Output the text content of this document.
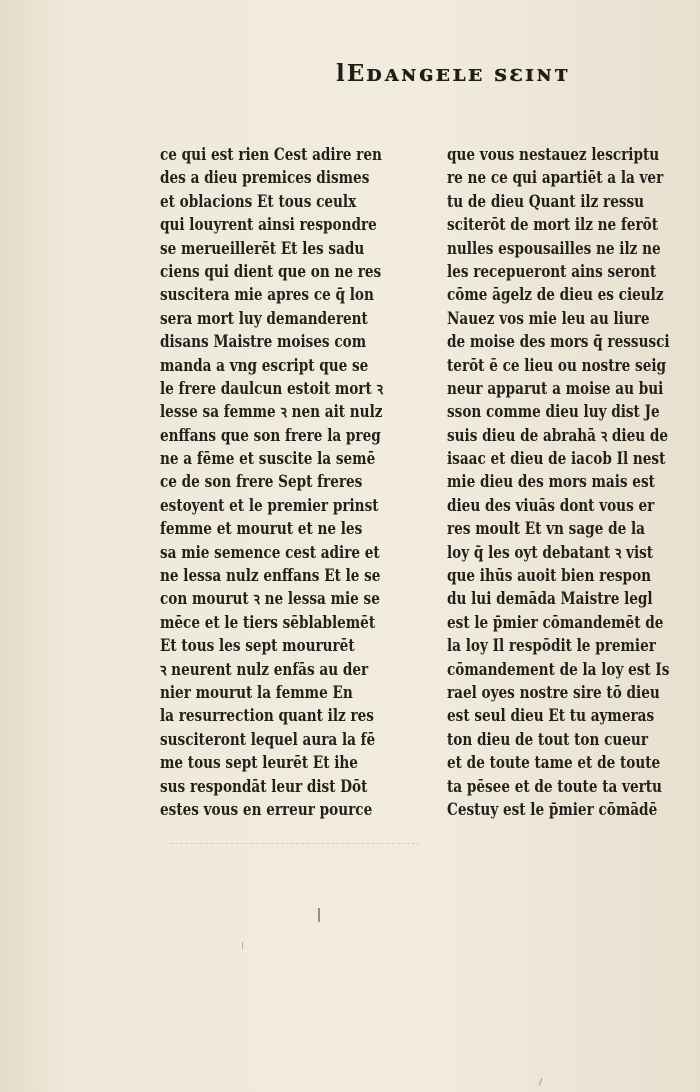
lEᴅᴀɴɢᴇʟᴇ ꜱɛɪɴᴛ
ce qui est rien Cest adire ren
des a dieu premices dismes
et oblacions Et tous ceulx
qui louyrent ainsi respondre
se merueillerēt Et les sadu
ciens qui dient que on ne res
suscitera mie apres ce q̄ lon
sera mort luy demanderent
disans Maistre moises com
manda a vng escript que se
le frere daulcun estoit mort ꝛ
lesse sa femme ꝛ nen ait nulz
enffans que son frere la preg
ne a fēme et suscite la semē
ce de son frere Sept freres
estoyent et le premier prinst
femme et mourut et ne les
sa mie semence cest adire et
ne lessa nulz enffans Et le se
con mourut ꝛ ne lessa mie se
mēce et le tiers sēblablemēt
Et tous les sept moururēt
ꝛ neurent nulz enfās au der
nier mourut la femme En
la resurrection quant ilz res
susciteront lequel aura la fē
me tous sept leurēt Et ihe
sus respondāt leur dist Dōt
estes vous en erreur pource
que vous nestauez lescriptu
re ne ce qui apartiēt a la ver
tu de dieu Quant ilz ressu
sciterōt de mort ilz ne ferōt
nulles espousailles ne ilz ne
les recepueront ains seront
cōme āgelz de dieu es cieulz
Nauez vos mie leu au liure
de moise des mors q̄ ressusci
terōt ē ce lieu ou nostre seig
neur apparut a moise au bui
sson comme dieu luy dist Je
suis dieu de abrahā ꝛ dieu de
isaac et dieu de iacob Il nest
mie dieu des mors mais est
dieu des viuās dont vous er
res moult Et vn sage de la
loy q̄ les oyt debatant ꝛ vist
que ihūs auoit bien respon
du lui demāda Maistre legl
est le p̄mier cōmandemēt de
la loy Il respōdit le premier
cōmandement de la loy est Is
rael oyes nostre sire tō dieu
est seul dieu Et tu aymeras
ton dieu de tout ton cueur
et de toute tame et de toute
ta pēsee et de toute ta vertu
Cestuy est le p̄mier cōmādē
